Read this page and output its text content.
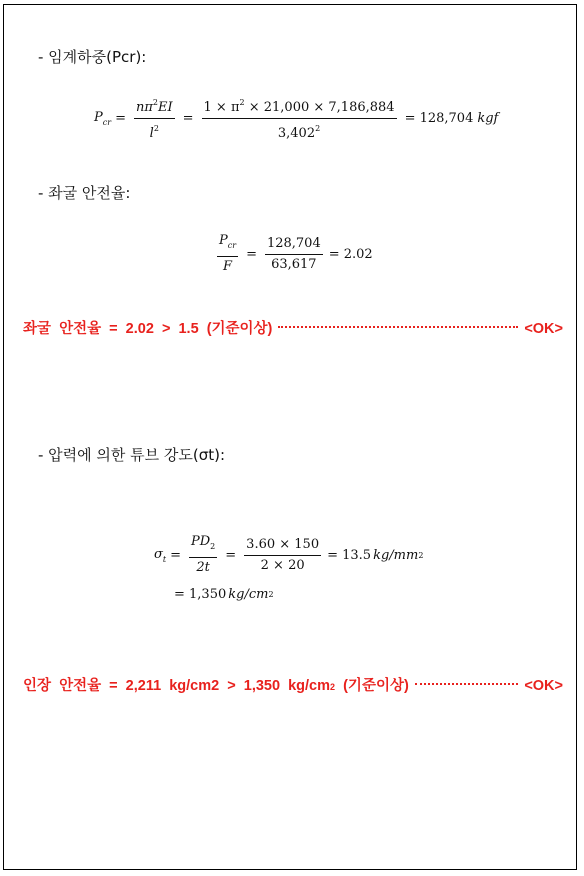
- 임계하중(Pcr):
$P_{cr} = \frac{n\pi^2EI}{l^2} = \frac{1 \times \pi^2 \times 21,000 \times 7,186,884}{3,402^2} = 128,704$ kgf
- 좌굴 안전율:
$\frac{P_{cr}}{F} = \frac{128,704}{63,617} = 2.02$
좌굴  안전율  =  2.02  >  1.5  (기준이상)	<OK>
- 압력에 의한 튜브 강도(σt):
$\sigma_t = \frac{PD_2}{2t} = \frac{3.60 \times 150}{2 \times 20} = 13.5$ kg/mm 2
= 1,350 kg/cm 2
인장  안전율  =  2,211  kg/cm2  >  1,350  kg/cm 2 (기준이상)	<OK>
